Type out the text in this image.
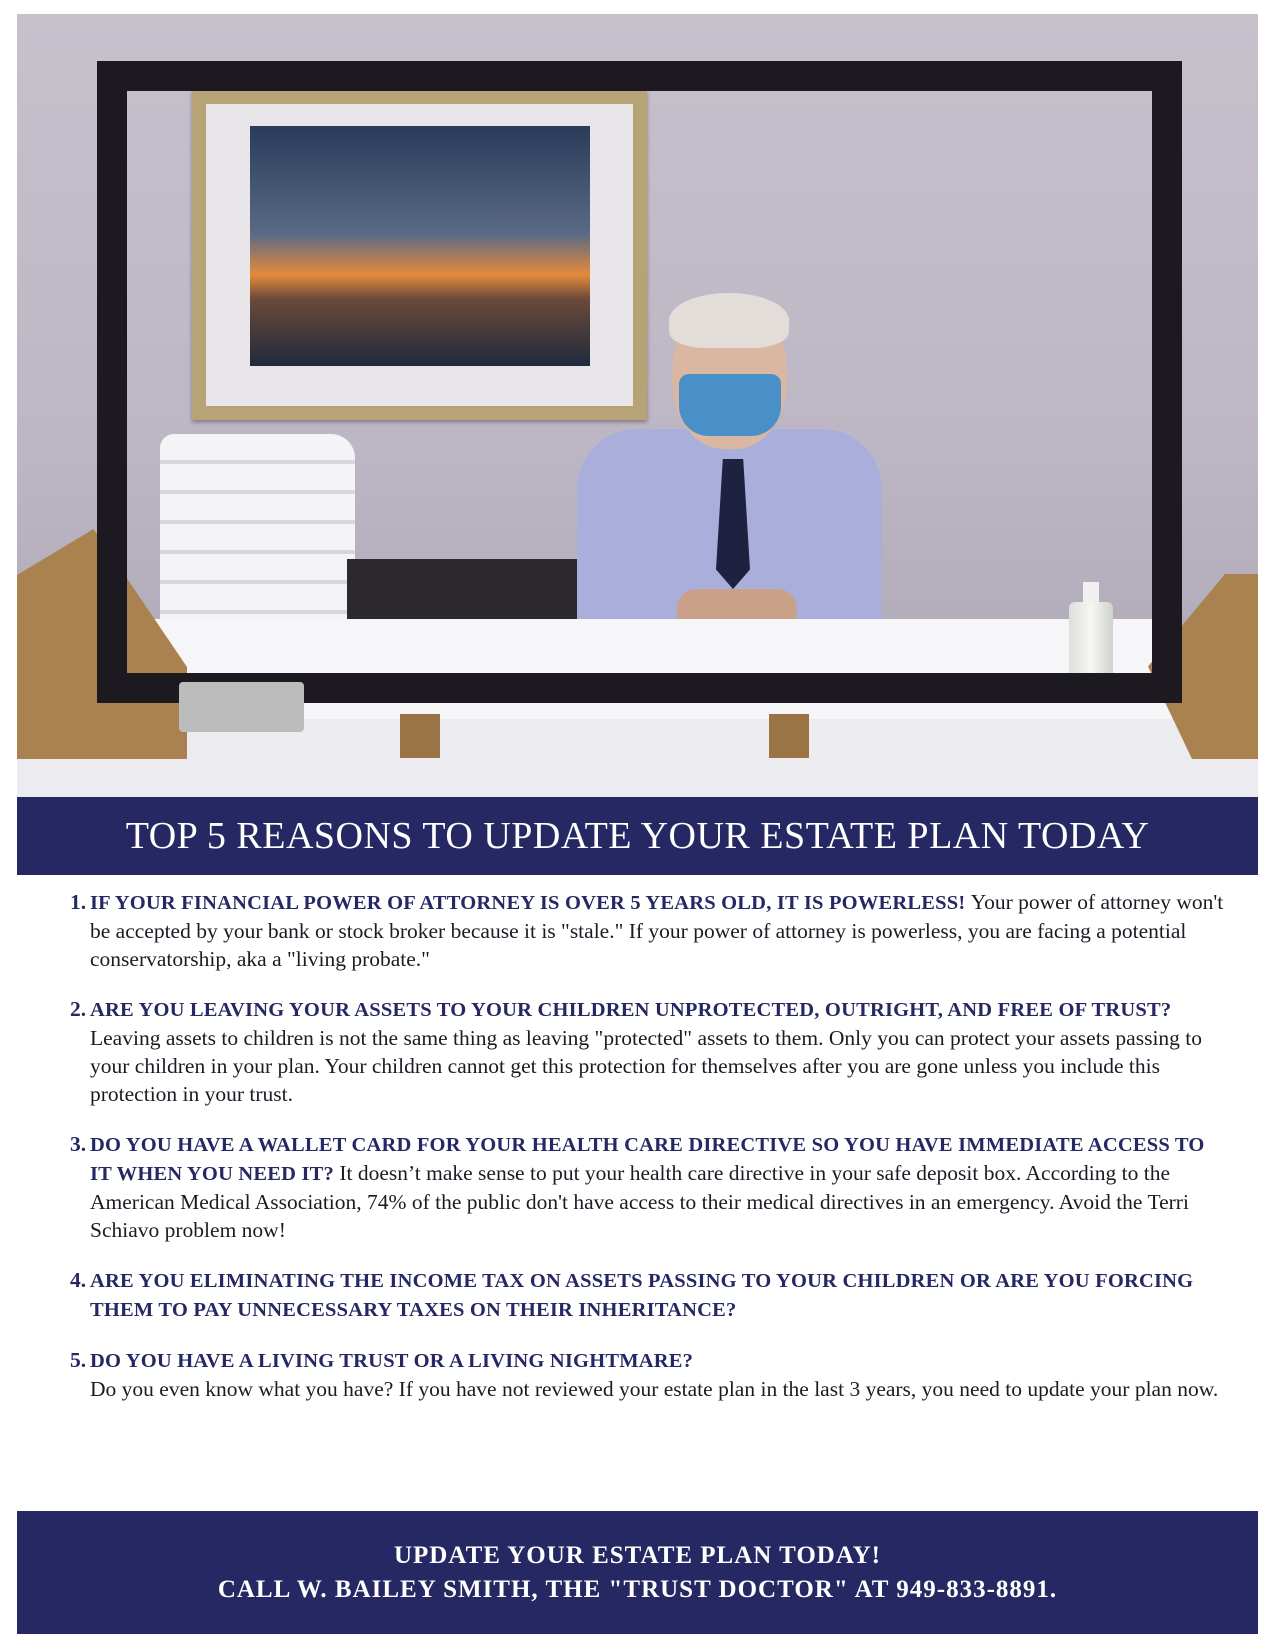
TOP 5 REASONS TO UPDATE YOUR ESTATE PLAN TODAY
1. IF YOUR FINANCIAL POWER OF ATTORNEY IS OVER 5 YEARS OLD, IT IS POWERLESS! Your power of attorney won't be accepted by your bank or stock broker because it is "stale." If your power of attorney is powerless, you are facing a potential conservatorship, aka a "living probate."
2. ARE YOU LEAVING YOUR ASSETS TO YOUR CHILDREN UNPROTECTED, OUTRIGHT, AND FREE OF TRUST? Leaving assets to children is not the same thing as leaving "protected" assets to them. Only you can protect your assets passing to your children in your plan. Your children cannot get this protection for themselves after you are gone unless you include this protection in your trust.
3. DO YOU HAVE A WALLET CARD FOR YOUR HEALTH CARE DIRECTIVE SO YOU HAVE IMMEDIATE ACCESS TO IT WHEN YOU NEED IT? It doesn’t make sense to put your health care directive in your safe deposit box. According to the American Medical Association, 74% of the public don't have access to their medical directives in an emergency. Avoid the Terri Schiavo problem now!
4. ARE YOU ELIMINATING THE INCOME TAX ON ASSETS PASSING TO YOUR CHILDREN OR ARE YOU FORCING THEM TO PAY UNNECESSARY TAXES ON THEIR INHERITANCE?
5. DO YOU HAVE A LIVING TRUST OR A LIVING NIGHTMARE?
Do you even know what you have? If you have not reviewed your estate plan in the last 3 years, you need to update your plan now.
UPDATE YOUR ESTATE PLAN TODAY!
CALL W. BAILEY SMITH, THE "TRUST DOCTOR" AT 949-833-8891.
